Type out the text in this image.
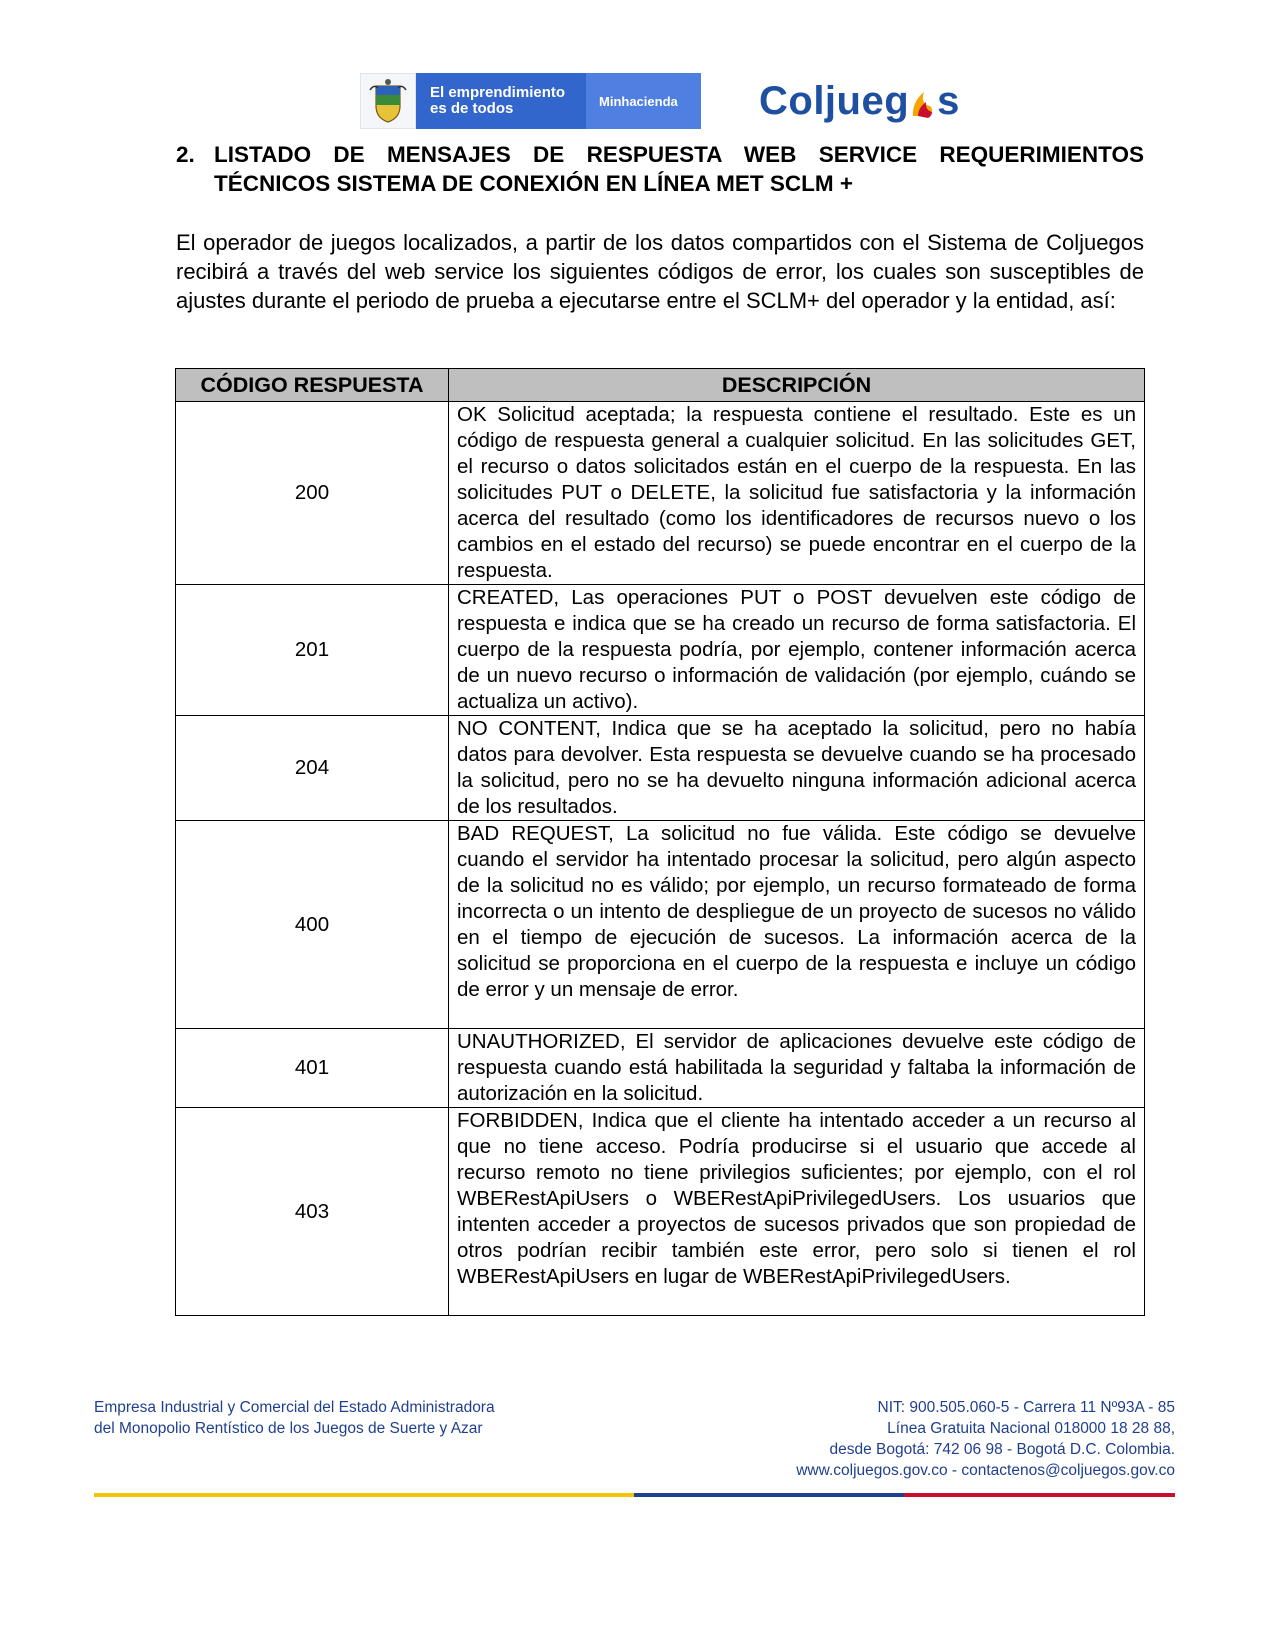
El emprendimiento
es de todos	Minhacienda	Coljueg s
2. LISTADO DE MENSAJES DE RESPUESTA WEB SERVICE REQUERIMIENTOS
TÉCNICOS SISTEMA DE CONEXIÓN EN LÍNEA MET SCLM +

El operador de juegos localizados, a partir de los datos compartidos con el Sistema de Coljuegos recibirá a través del web service los siguientes códigos de error, los cuales son susceptibles de ajustes durante el periodo de prueba a ejecutarse entre el SCLM+ del operador y la entidad, así:

CÓDIGO RESPUESTA	DESCRIPCIÓN
200	OK Solicitud aceptada; la respuesta contiene el resultado. Este es un código de respuesta general a cualquier solicitud. En las solicitudes GET, el recurso o datos solicitados están en el cuerpo de la respuesta. En las solicitudes PUT o DELETE, la solicitud fue satisfactoria y la información acerca del resultado (como los identificadores de recursos nuevo o los cambios en el estado del recurso) se puede encontrar en el cuerpo de la respuesta.
201	CREATED, Las operaciones PUT o POST devuelven este código de respuesta e indica que se ha creado un recurso de forma satisfactoria. El cuerpo de la respuesta podría, por ejemplo, contener información acerca de un nuevo recurso o información de validación (por ejemplo, cuándo se actualiza un activo).
204	NO CONTENT, Indica que se ha aceptado la solicitud, pero no había datos para devolver. Esta respuesta se devuelve cuando se ha procesado la solicitud, pero no se ha devuelto ninguna información adicional acerca de los resultados.
400	BAD REQUEST, La solicitud no fue válida. Este código se devuelve cuando el servidor ha intentado procesar la solicitud, pero algún aspecto de la solicitud no es válido; por ejemplo, un recurso formateado de forma incorrecta o un intento de despliegue de un proyecto de sucesos no válido en el tiempo de ejecución de sucesos. La información acerca de la solicitud se proporciona en el cuerpo de la respuesta e incluye un código de error y un mensaje de error.
401	UNAUTHORIZED, El servidor de aplicaciones devuelve este código de respuesta cuando está habilitada la seguridad y faltaba la información de autorización en la solicitud.
403	FORBIDDEN, Indica que el cliente ha intentado acceder a un recurso al que no tiene acceso. Podría producirse si el usuario que accede al recurso remoto no tiene privilegios suficientes; por ejemplo, con el rol WBERestApiUsers o WBERestApiPrivilegedUsers. Los usuarios que intenten acceder a proyectos de sucesos privados que son propiedad de otros podrían recibir también este error, pero solo si tienen el rol WBERestApiUsers en lugar de WBERestApiPrivilegedUsers.
Empresa Industrial y Comercial del Estado Administradora
del Monopolio Rentístico de los Juegos de Suerte y Azar
NIT: 900.505.060-5 - Carrera 11 Nº93A - 85
Línea Gratuita Nacional 018000 18 28 88,
desde Bogotá: 742 06 98 - Bogotá D.C. Colombia.
www.coljuegos.gov.co - contactenos@coljuegos.gov.co
